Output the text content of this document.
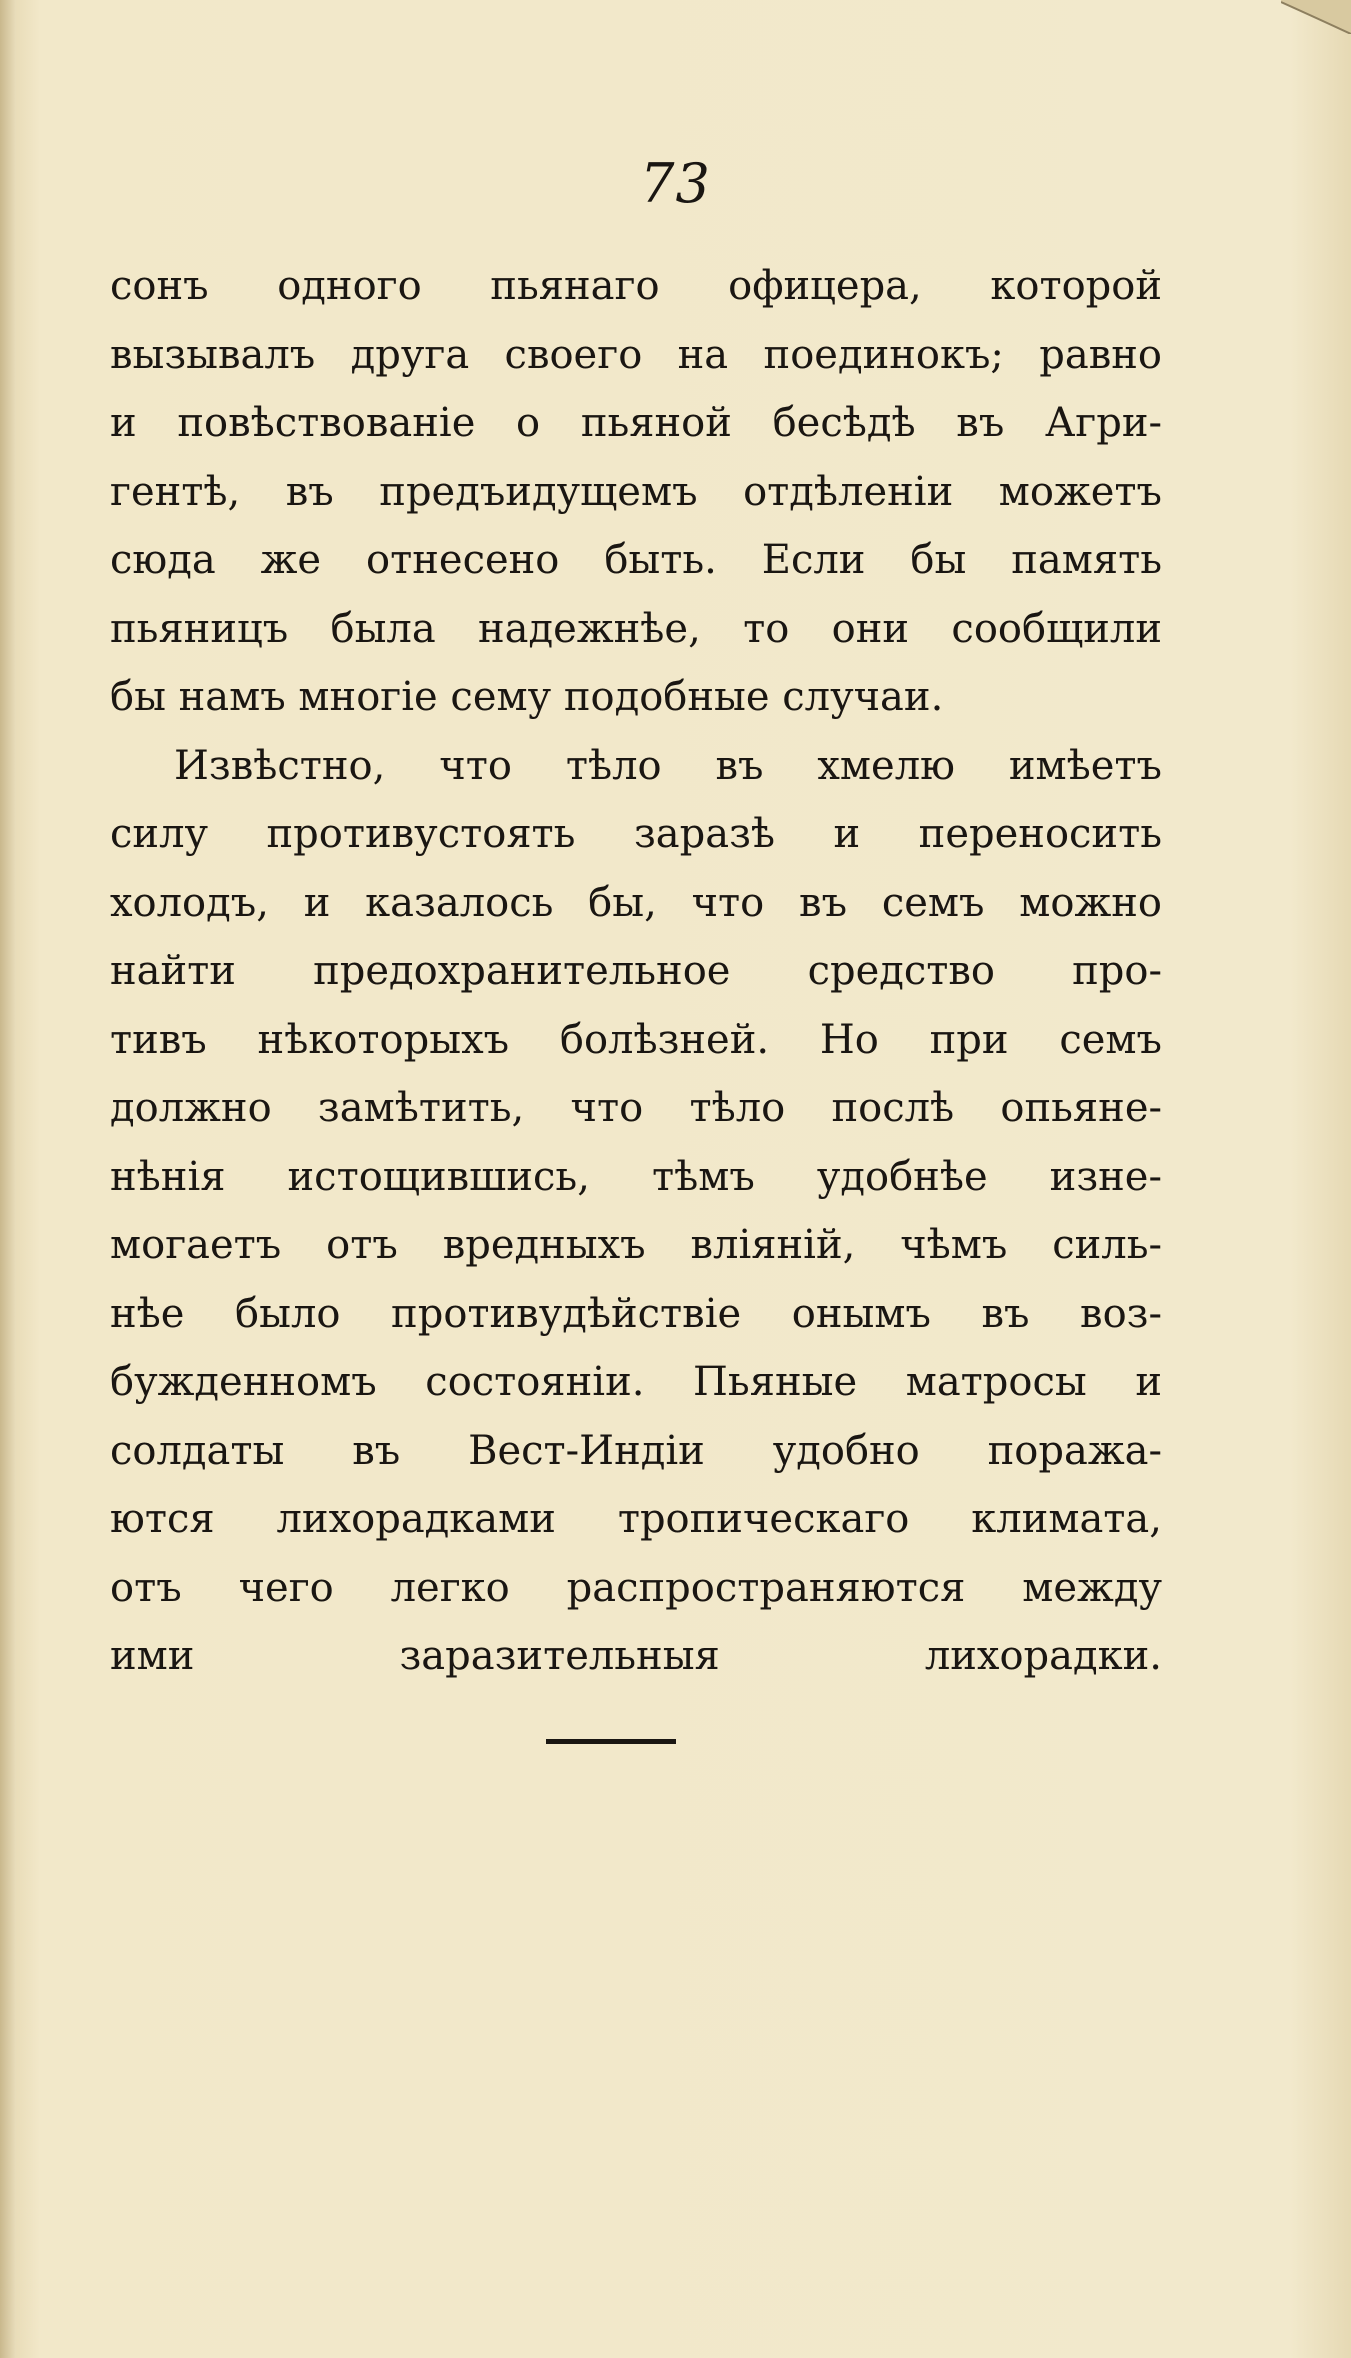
73
сонъ одного пьянаго офицера, которой
вызывалъ друга своего на поединокъ; равно
и повѣствованіе о пьяной бесѣдѣ въ Агри-
гентѣ, въ предъидущемъ отдѣленіи можетъ
сюда же отнесено быть. Если бы память
пьяницъ была надежнѣе, то они сообщили
бы намъ многіе сему подобные случаи.
Извѣстно, что тѣло въ хмелю имѣетъ
силу противустоять заразѣ и переносить
холодъ, и казалось бы, что въ семъ можно
найти предохранительное средство про-
тивъ нѣкоторыхъ болѣзней. Но при семъ
должно замѣтить, что тѣло послѣ опьяне-
нѣнія истощившись, тѣмъ удобнѣе изне-
могаетъ отъ вредныхъ вліяній, чѣмъ силь-
нѣе было противудѣйствіе онымъ въ воз-
бужденномъ состояніи. Пьяные матросы и
солдаты въ Вест-Индіи удобно поража-
ются лихорадками тропическаго климата,
отъ чего легко распространяются между
ими заразительныя лихорадки.
